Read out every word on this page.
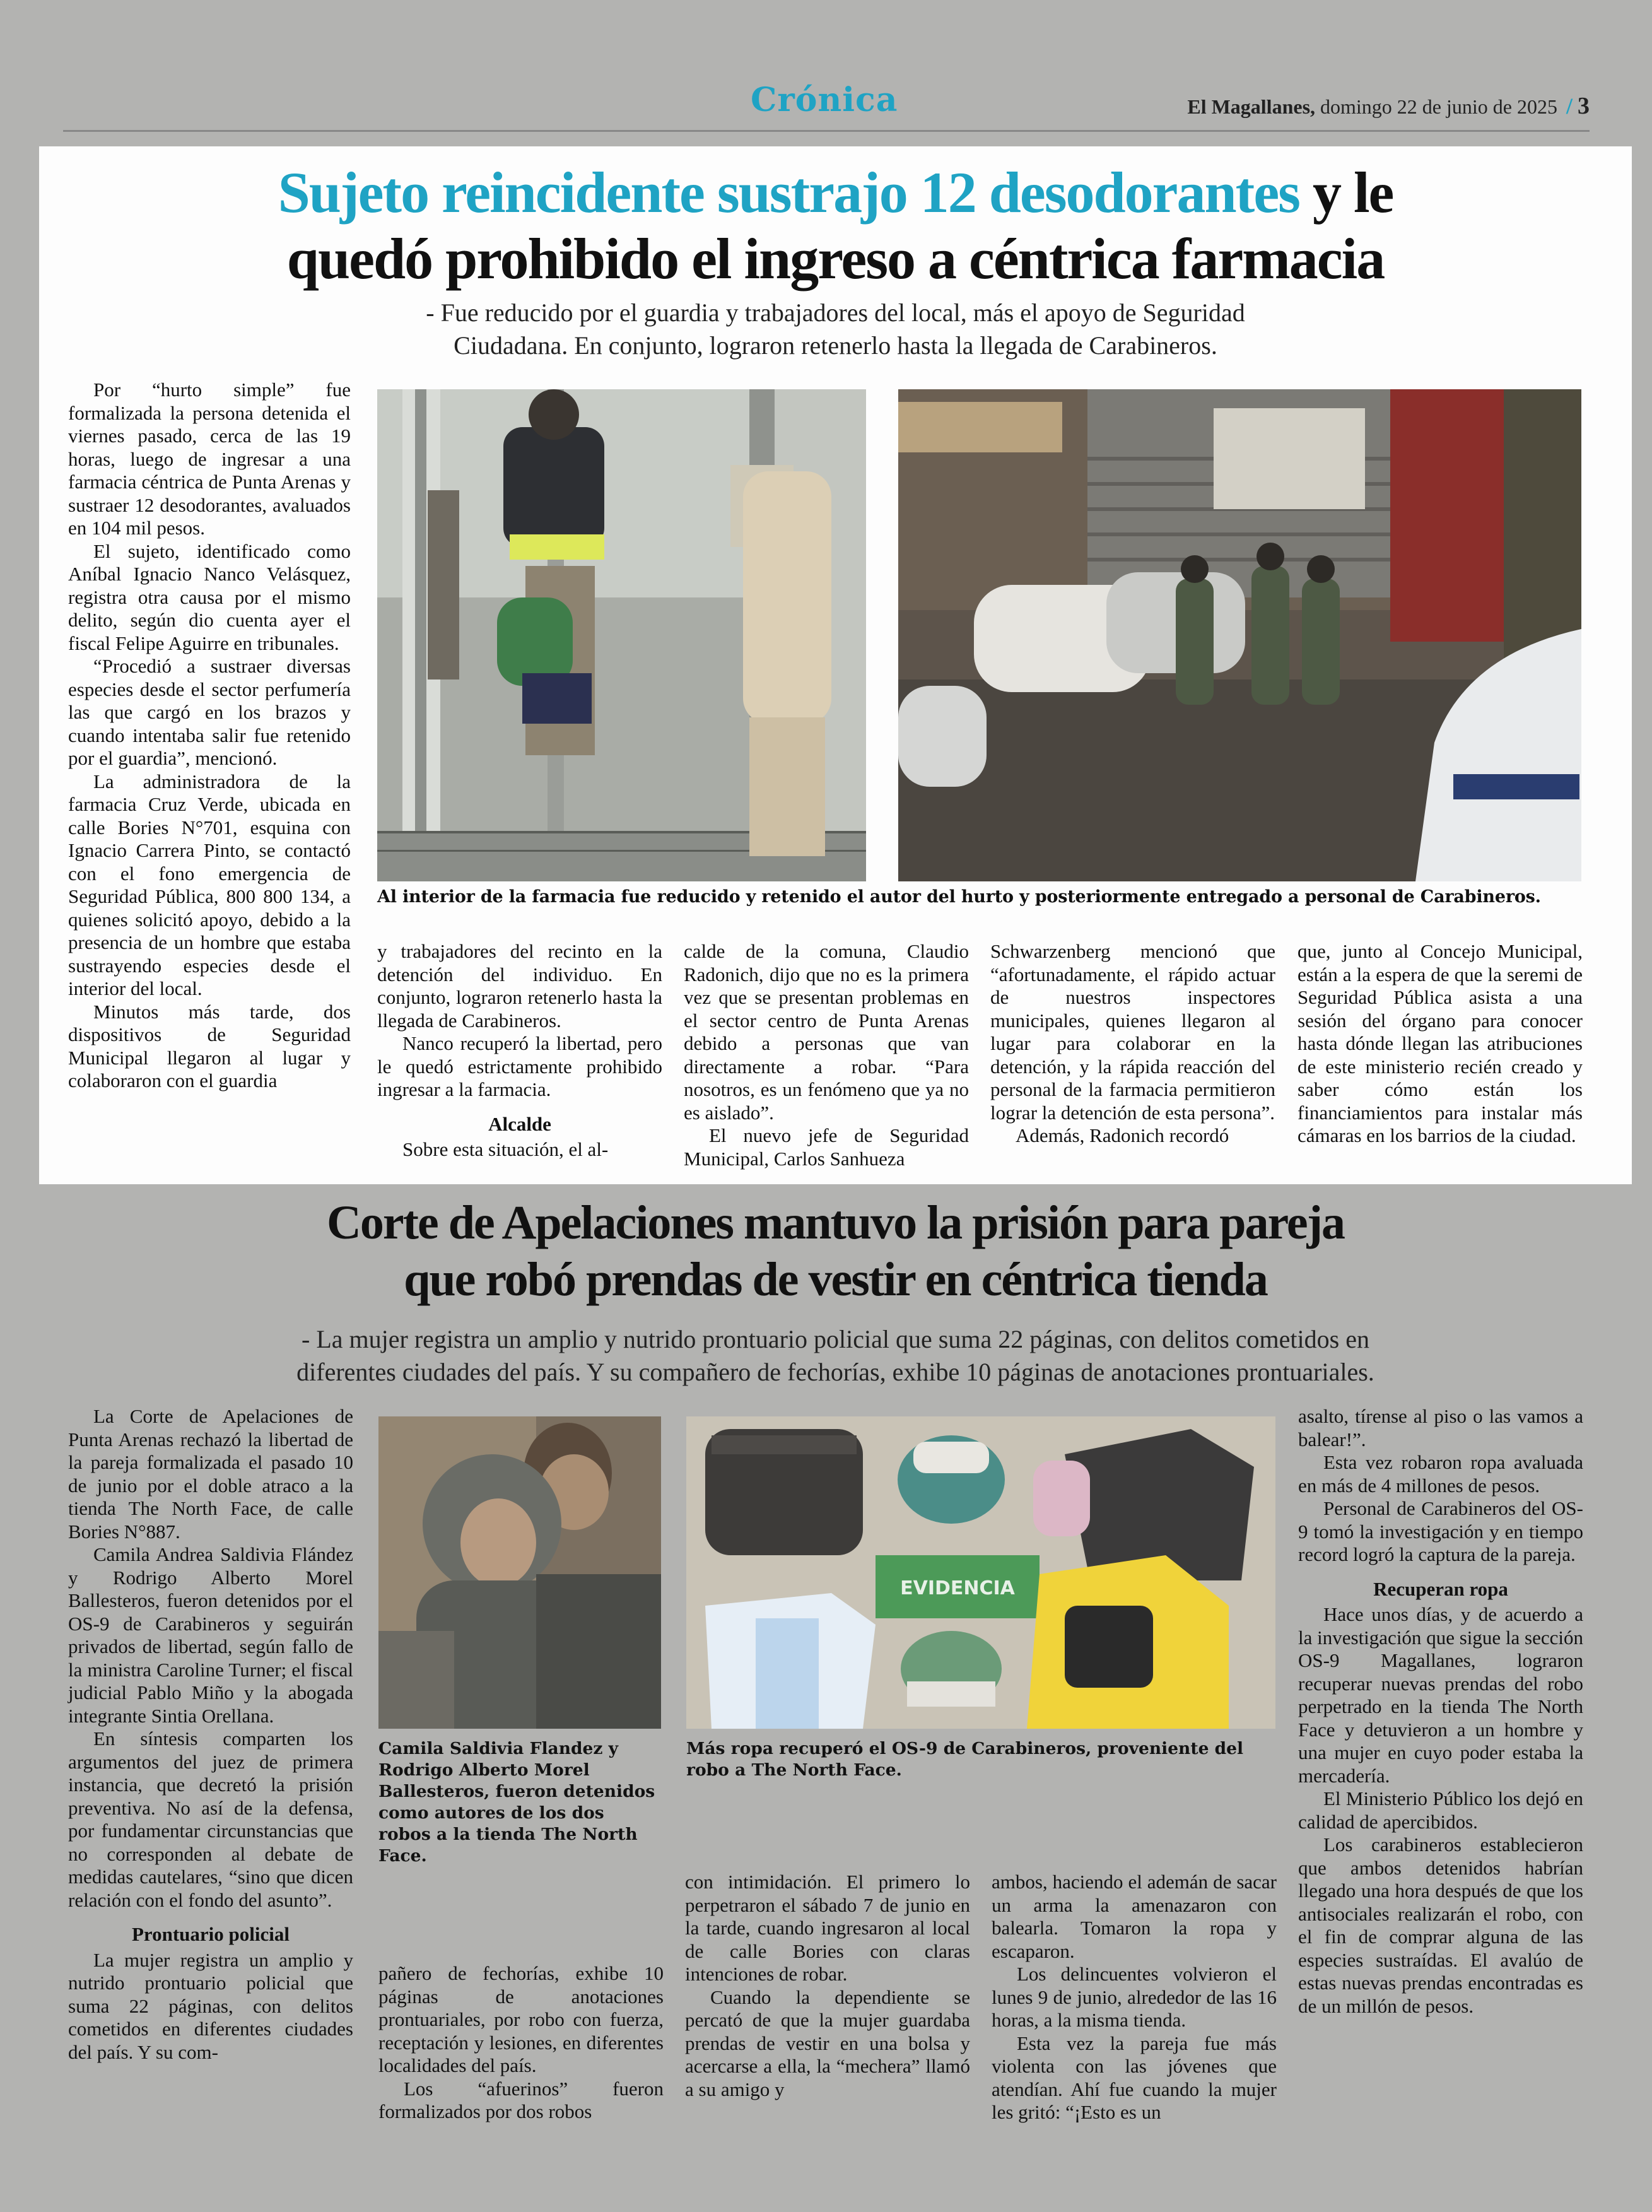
Crónica	El Magallanes, domingo 22 de junio de 2025 / 3
Sujeto reincidente sustrajo 12 desodorantes y le
quedó prohibido el ingreso a céntrica farmacia
- Fue reducido por el guardia y trabajadores del local, más el apoyo de Seguridad
Ciudadana. En conjunto, lograron retenerlo hasta la llegada de Carabineros.

Por “hurto simple” fue formalizada la persona detenida el viernes pasado, cerca de las 19 horas, luego de ingresar a una farmacia céntrica de Punta Arenas y sustraer 12 desodorantes, avaluados en 104 mil pesos.

El sujeto, identificado como Aníbal Ignacio Nanco Velásquez, registra otra causa por el mismo delito, según dio cuenta ayer el fiscal Felipe Aguirre en tribunales.

“Procedió a sustraer diversas especies desde el sector perfumería las que cargó en los brazos y cuando intentaba salir fue retenido por el guardia”, mencionó.

La administradora de la farmacia Cruz Verde, ubicada en calle Bories N°701, esquina con Ignacio Carrera Pinto, se contactó con el fono emergencia de Seguridad Pública, 800 800 134, a quienes solicitó apoyo, debido a la presencia de un hombre que estaba sustrayendo especies desde el interior del local.

Minutos más tarde, dos dispositivos de Seguridad Municipal llegaron al lugar y colaboraron con el guardia

Al interior de la farmacia fue reducido y retenido el autor del hurto y posteriormente entregado a personal de Carabineros.

y trabajadores del recinto en la detención del individuo. En conjunto, lograron retenerlo hasta la llegada de Carabineros.

Nanco recuperó la libertad, pero le quedó estrictamente prohibido ingresar a la farmacia.

Alcalde

Sobre esta situación, el al-

calde de la comuna, Claudio Radonich, dijo que no es la primera vez que se presentan problemas en el sector centro de Punta Arenas debido a personas que van directamente a robar. “Para nosotros, es un fenómeno que ya no es aislado”.

El nuevo jefe de Seguridad Municipal, Carlos Sanhueza

Schwarzenberg mencionó que “afortunadamente, el rápido actuar de nuestros inspectores municipales, quienes llegaron al lugar para colaborar en la detención, y la rápida reacción del personal de la farmacia permitieron lograr la detención de esta persona”.

Además, Radonich recordó

que, junto al Concejo Municipal, están a la espera de que la seremi de Seguridad Pública asista a una sesión del órgano para conocer hasta dónde llegan las atribuciones de este ministerio recién creado y saber cómo están los financiamientos para instalar más cámaras en los barrios de la ciudad.

Corte de Apelaciones mantuvo la prisión para pareja
que robó prendas de vestir en céntrica tienda
- La mujer registra un amplio y nutrido prontuario policial que suma 22 páginas, con delitos cometidos en
diferentes ciudades del país. Y su compañero de fechorías, exhibe 10 páginas de anotaciones prontuariales.

La Corte de Apelaciones de Punta Arenas rechazó la libertad de la pareja formalizada el pasado 10 de junio por el doble atraco a la tienda The North Face, de calle Bories N°887.

Camila Andrea Saldivia Flández y Rodrigo Alberto Morel Ballesteros, fueron detenidos por el OS-9 de Carabineros y seguirán privados de libertad, según fallo de la ministra Caroline Turner; el fiscal judicial Pablo Miño y la abogada integrante Sintia Orellana.

En síntesis comparten los argumentos del juez de primera instancia, que decretó la prisión preventiva. No así de la defensa, por fundamentar circunstancias que no corresponden al debate de medidas cautelares, “sino que dicen relación con el fondo del asunto”.

Prontuario policial

La mujer registra un amplio y nutrido prontuario policial que suma 22 páginas, con delitos cometidos en diferentes ciudades del país. Y su com-

EVIDENCIA
Camila Saldivia Flandez y Rodrigo Alberto Morel Ballesteros, fueron detenidos como autores de los dos robos a la tienda The North Face.
Más ropa recuperó el OS-9 de Carabineros, proveniente del robo a The North Face.

pañero de fechorías, exhibe 10 páginas de anotaciones prontuariales, por robo con fuerza, receptación y lesiones, en diferentes localidades del país.

Los “afuerinos” fueron formalizados por dos robos

con intimidación. El primero lo perpetraron el sábado 7 de junio en la tarde, cuando ingresaron al local de calle Bories con claras intenciones de robar.

Cuando la dependiente se percató de que la mujer guardaba prendas de vestir en una bolsa y acercarse a ella, la “mechera” llamó a su amigo y

ambos, haciendo el ademán de sacar un arma la amenazaron con balearla. Tomaron la ropa y escaparon.

Los delincuentes volvieron el lunes 9 de junio, alrededor de las 16 horas, a la misma tienda.

Esta vez la pareja fue más violenta con las jóvenes que atendían. Ahí fue cuando la mujer les gritó: “¡Esto es un

asalto, tírense al piso o las vamos a balear!”.

Esta vez robaron ropa avaluada en más de 4 millones de pesos.

Personal de Carabineros del OS-9 tomó la investigación y en tiempo record logró la captura de la pareja.

Recuperan ropa

Hace unos días, y de acuerdo a la investigación que sigue la sección OS-9 Magallanes, lograron recuperar nuevas prendas del robo perpetrado en la tienda The North Face y detuvieron a un hombre y una mujer en cuyo poder estaba la mercadería.

El Ministerio Público los dejó en calidad de apercibidos.

Los carabineros establecieron que ambos detenidos habrían llegado una hora después de que los antisociales realizarán el robo, con el fin de comprar alguna de las especies sustraídas. El avalúo de estas nuevas prendas encontradas es de un millón de pesos.
